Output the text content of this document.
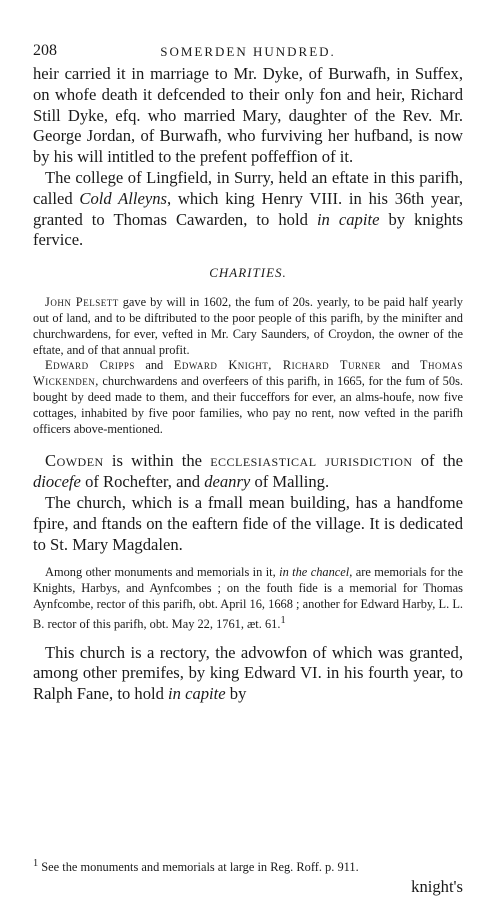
208	SOMERDEN HUNDRED.

heir carried it in marriage to Mr. Dyke, of Burwafh, in Suffex, on whofe death it defcended to their only fon and heir, Richard Still Dyke, efq. who married Mary, daughter of the Rev. Mr. George Jordan, of Burwafh, who furviving her hufband, is now by his will intitled to the prefent poffeffion of it.

The college of Lingfield, in Surry, held an eftate in this parifh, called Cold Alleyns, which king Henry VIII. in his 36th year, granted to Thomas Cawarden, to hold in capite by knights fervice.

CHARITIES.

John Pelsett gave by will in 1602, the fum of 20s. yearly, to be paid half yearly out of land, and to be diftributed to the poor people of this parifh, by the minifter and churchwardens, for ever, vefted in Mr. Cary Saunders, of Croydon, the owner of the eftate, and of that annual profit.

Edward Cripps and Edward Knight, Richard Turner and Thomas Wickenden, churchwardens and overfeers of this parifh, in 1665, for the fum of 50s. bought by deed made to them, and their fucceffors for ever, an alms-houfe, now five cottages, inhabited by five poor families, who pay no rent, now vefted in the parifh officers above-mentioned.

Cowden is within the ecclesiastical jurisdiction of the diocefe of Rochefter, and deanry of Malling.

The church, which is a fmall mean building, has a handfome fpire, and ftands on the eaftern fide of the village. It is dedicated to St. Mary Magdalen.

Among other monuments and memorials in it, in the chancel, are memorials for the Knights, Harbys, and Aynfcombes ; on the fouth fide is a memorial for Thomas Aynfcombe, rector of this parifh, obt. April 16, 1668 ; another for Edward Harby, L. L. B. rector of this parifh, obt. May 22, 1761, æt. 61.$^1$

This church is a rectory, the advowfon of which was granted, among other premifes, by king Edward VI. in his fourth year, to Ralph Fane, to hold in capite by

$^1$ See the monuments and memorials at large in Reg. Roff. p. 911.
knight's
